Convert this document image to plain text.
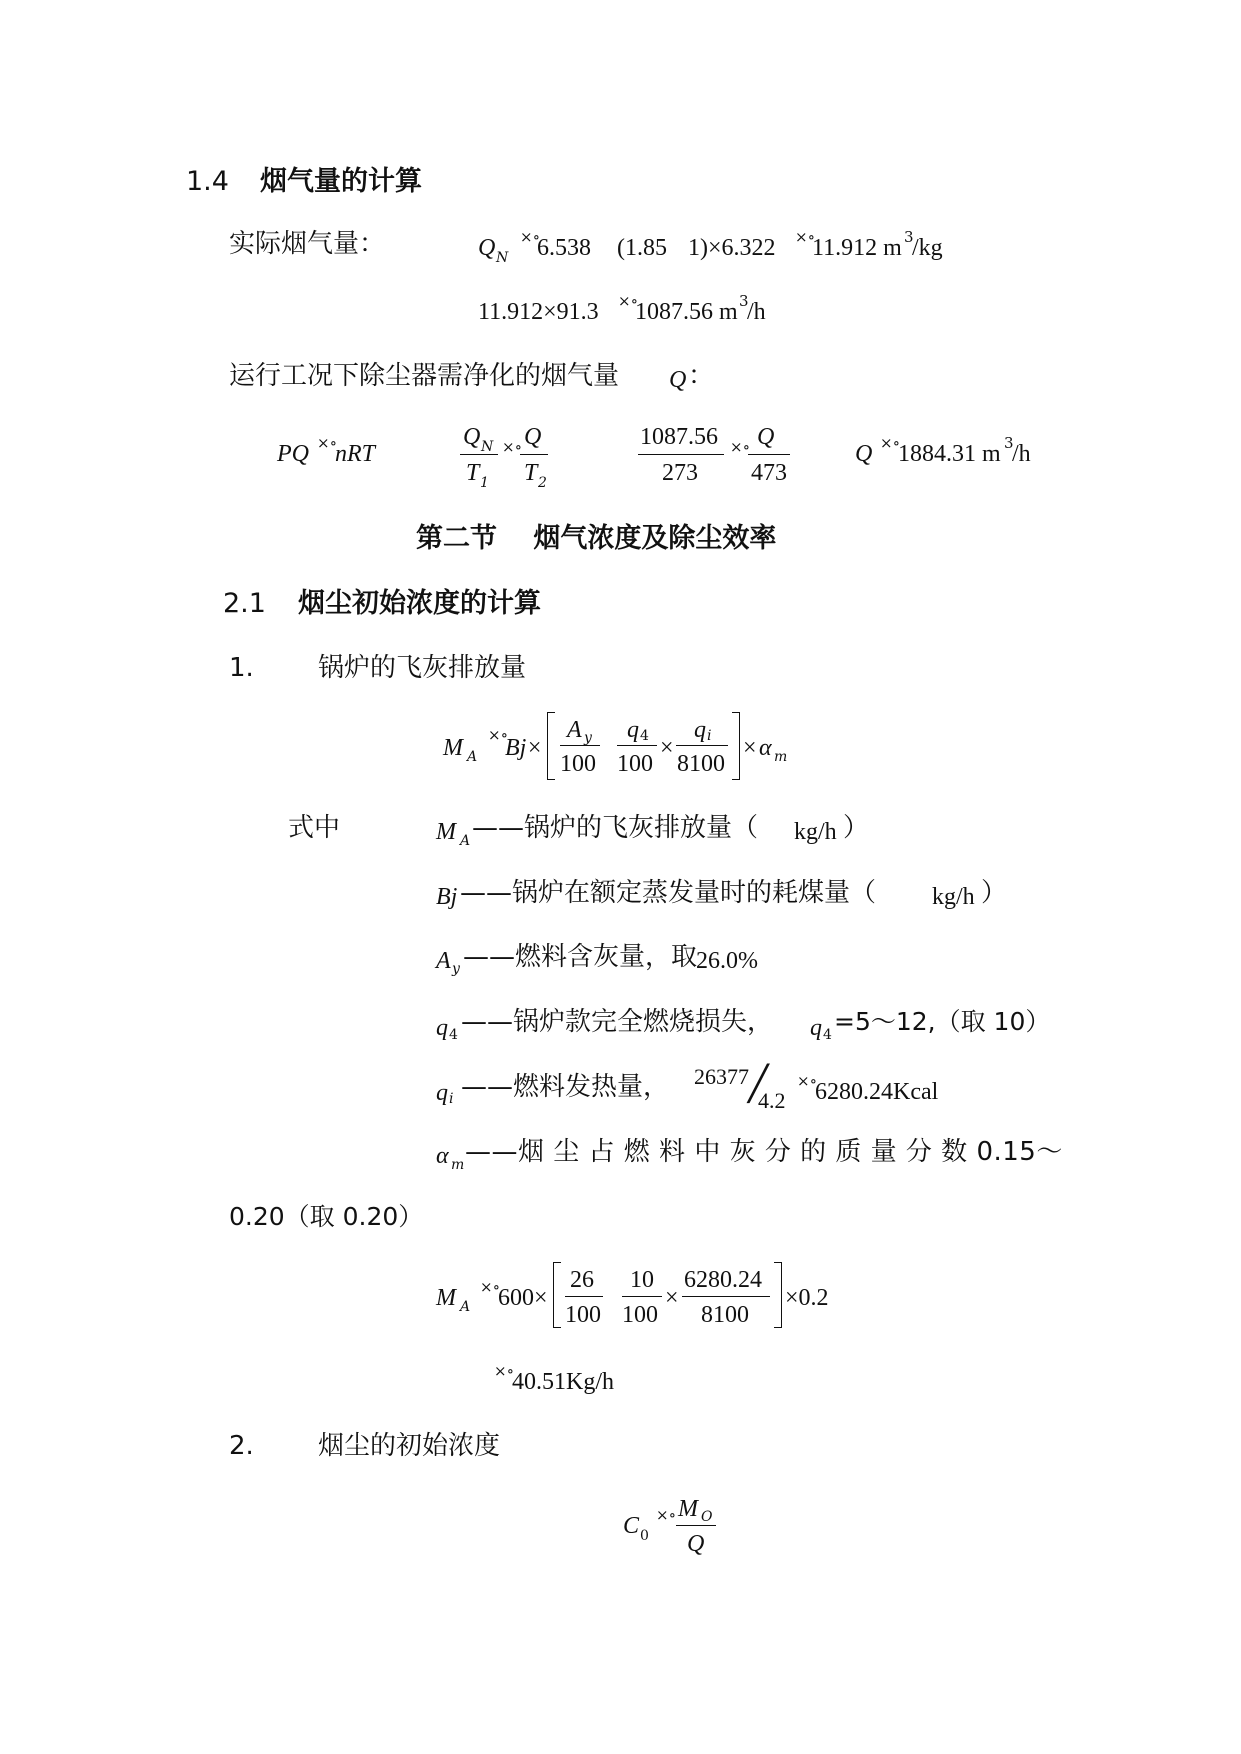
1.4 烟气量的计算
实际烟气量：	Q N
×∘
6.538 (1.85 1)×6.322 ×∘
11.912 m 3
/kg
11.912×91.3 ×∘
1087.56 m 3
/h
运行工况下除尘器需净化的烟气量 Q ：
PQ ×∘
nRT
Q N
T 1
×∘ Q
T 2
1087.56
273
×∘ Q
473
Q ×∘
1884.31 m 3
/h
第二节　 烟气浓度及除尘效率
2.1 烟尘初始浓度的计算
1. 锅炉的飞灰排放量
M A
×∘
Bj×
A y
100
q 4
100
×
q i
8100
× α m
式中	M A ——锅炉的飞灰排放量（ kg/h ）
Bj ——锅炉在额定蒸发量时的耗煤量（ kg/h ）
A y ——燃料含灰量，取
26.0%
q 4 ——锅炉款完全燃烧损失， q 4 =5～12,（取 10）
q i ——燃料发热量， 26377 ╱
4.2
×∘
6280.24Kcal
α m ——烟 尘 占 燃 料 中 灰 分 的 质 量 分 数 0.15～
0.20（取 0.20）
M A
×∘
600×
26
100
10
100
×
6280.24
8100
×0.2
×∘
40.51Kg/h
2. 烟尘的初始浓度
C 0
×∘ M O
Q
